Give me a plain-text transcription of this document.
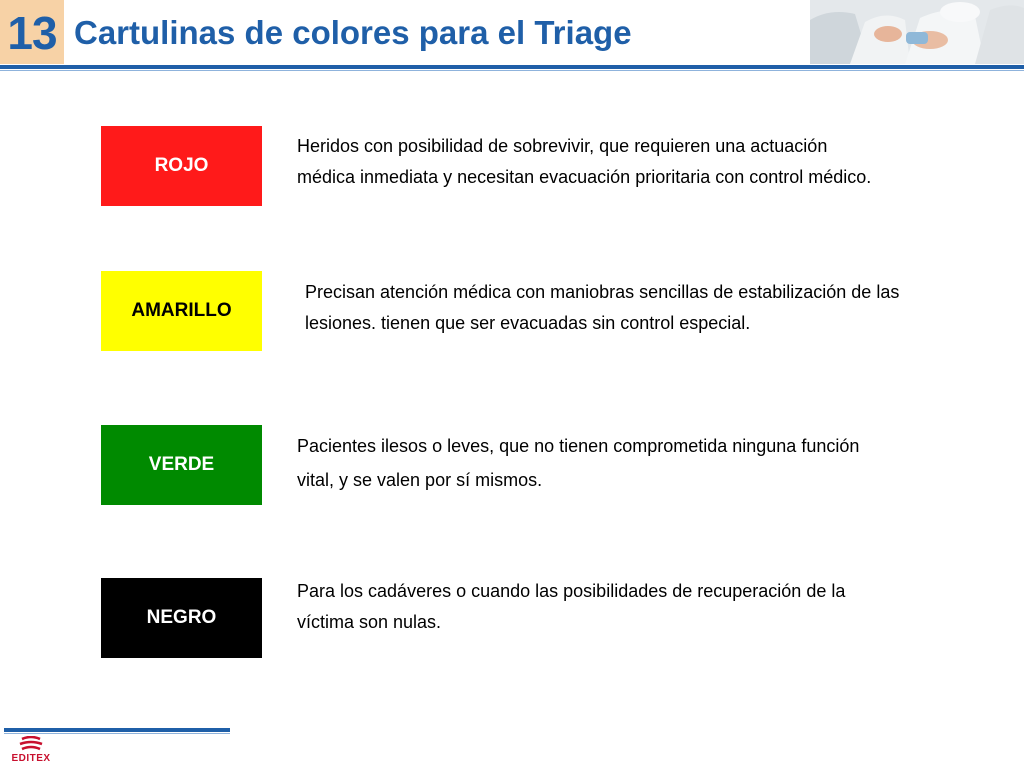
13 Cartulinas de colores para el Triage
ROJO
Heridos con posibilidad de sobrevivir, que requieren una actuación
médica inmediata y necesitan evacuación prioritaria con control médico.
AMARILLO
Precisan atención médica con maniobras sencillas de estabilización de las
lesiones. tienen que ser evacuadas sin control especial.
VERDE
Pacientes ilesos o leves, que no tienen comprometida ninguna función
vital, y se valen por sí mismos.
NEGRO
Para los cadáveres o cuando las posibilidades de recuperación de la
víctima son nulas.
EDITEX
